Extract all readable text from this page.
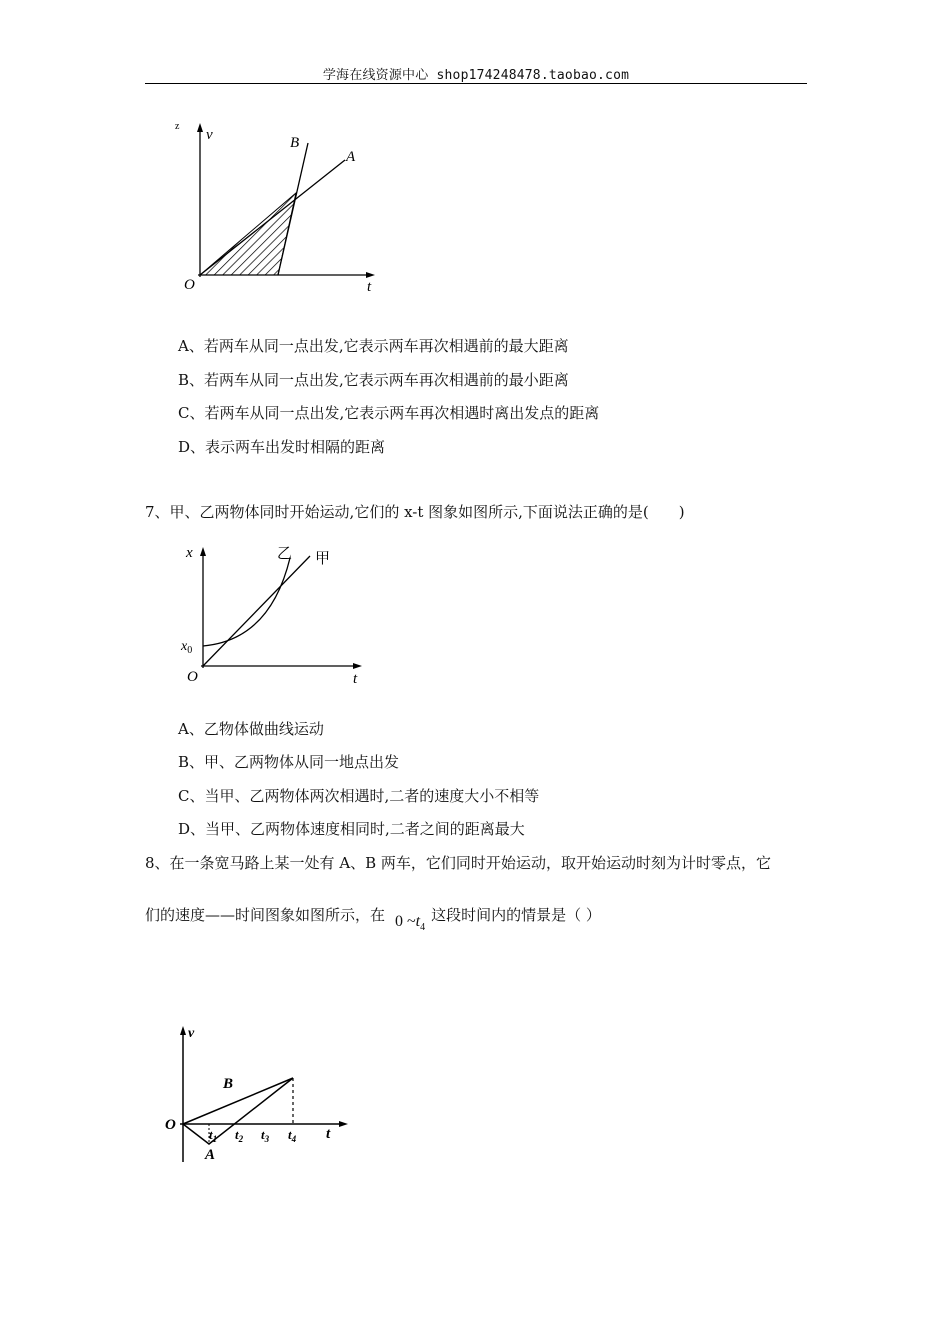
学海在线资源中心 shop174248478.taobao.com
z
v	B
A
O	t
A、若两车从同一点出发,它表示两车再次相遇前的最大距离
B、若两车从同一点出发,它表示两车再次相遇前的最小距离
C、若两车从同一点出发,它表示两车再次相遇时离出发点的距离
D、表示两车出发时相隔的距离
7、甲、乙两物体同时开始运动,它们的 x-t 图象如图所示,下面说法正确的是(　　)
x	乙 甲
$x_0$
O	t
A、乙物体做曲线运动
B、甲、乙两物体从同一地点出发
C、当甲、乙两物体两次相遇时,二者的速度大小不相等
D、当甲、乙两物体速度相同时,二者之间的距离最大
8、在一条宽马路上某一处有 A、B 两车，它们同时开始运动，取开始运动时刻为计时零点，它
们的速度——时间图象如图所示，在 0 $\sim t_4$这段时间内的情景是（ ）
v
B
A
O
t
$t_1$ $t_2$ $t_3$ $t_4$
